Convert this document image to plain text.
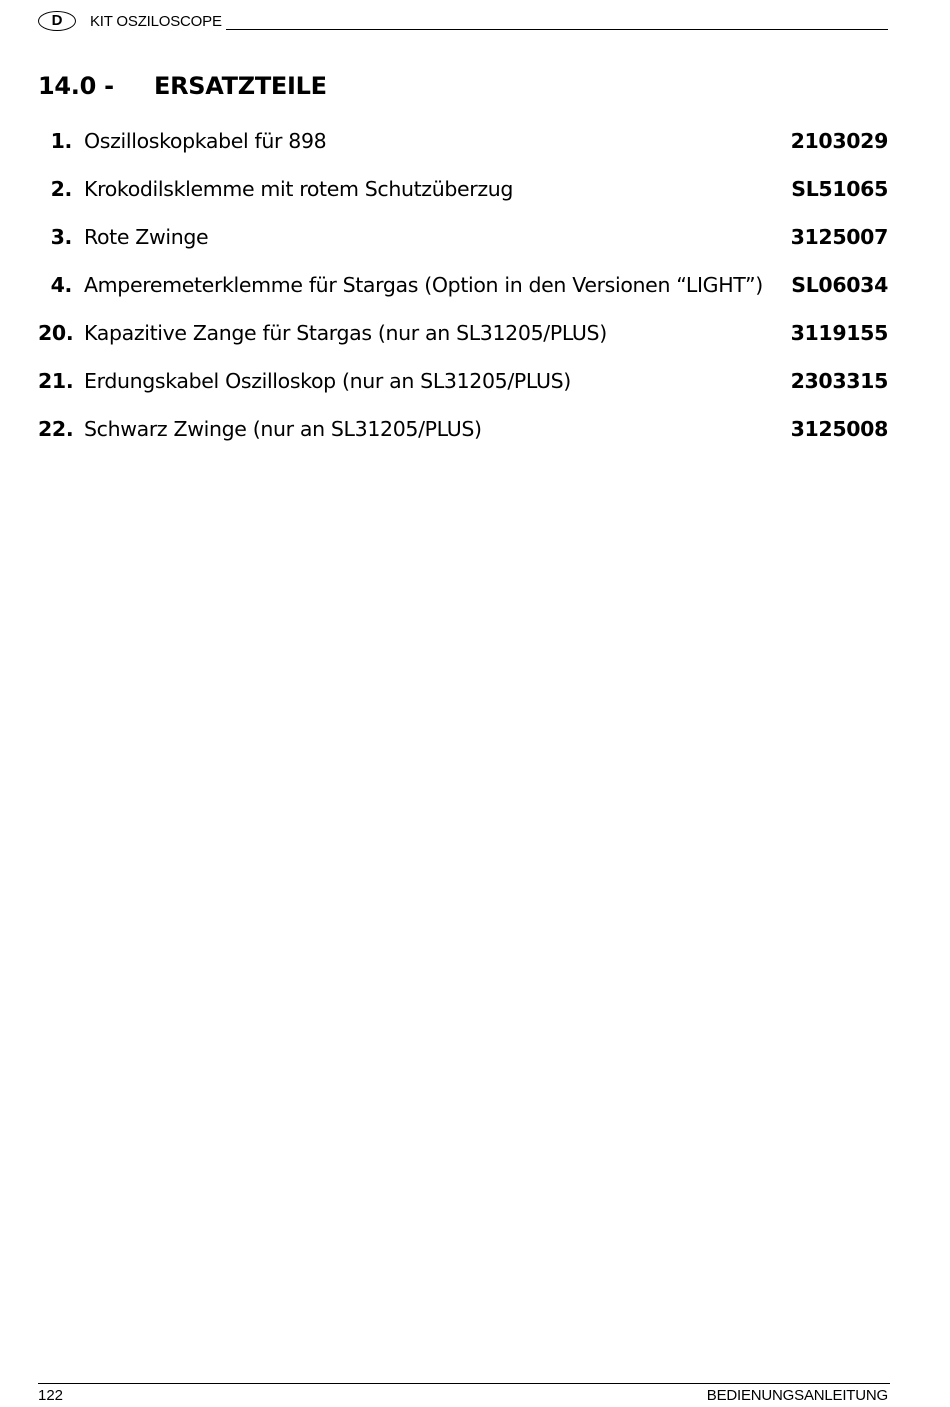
D	KIT OSZILOSCOPE
14.0 - ERSATZTEILE
1. Oszilloskopkabel für 898	2103029
2. Krokodilsklemme mit rotem Schutzüberzug	SL51065
3. Rote Zwinge	3125007
4. Amperemeterklemme für Stargas (Option in den Versionen “LIGHT”) SL06034
20. Kapazitive Zange für Stargas (nur an SL31205/PLUS)	3119155
21. Erdungskabel Oszilloskop (nur an SL31205/PLUS)	2303315
22. Schwarz Zwinge (nur an SL31205/PLUS)	3125008
122	BEDIENUNGSANLEITUNG
